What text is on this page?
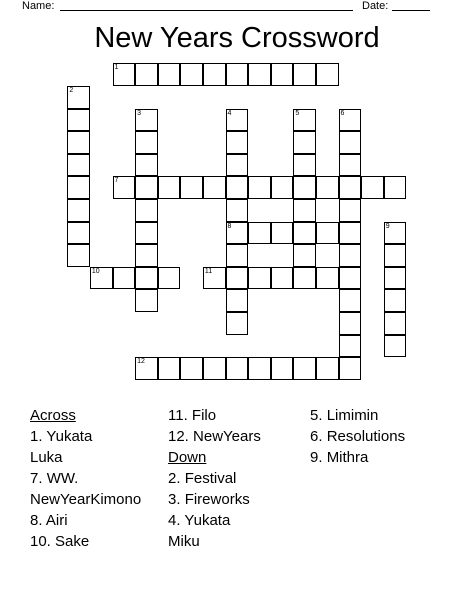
Name:	Date:
New Years Crossword
1
2
3	4
8
5	6
7
9
10	11
12
Across
1. Yukata
Luka
7. WW.
NewYearKimono
8. Airi
10. Sake
11. Filo
12. NewYears
Down
2. Festival
3. Fireworks
4. Yukata
Miku
5. Limimin
6. Resolutions
9. Mithra
